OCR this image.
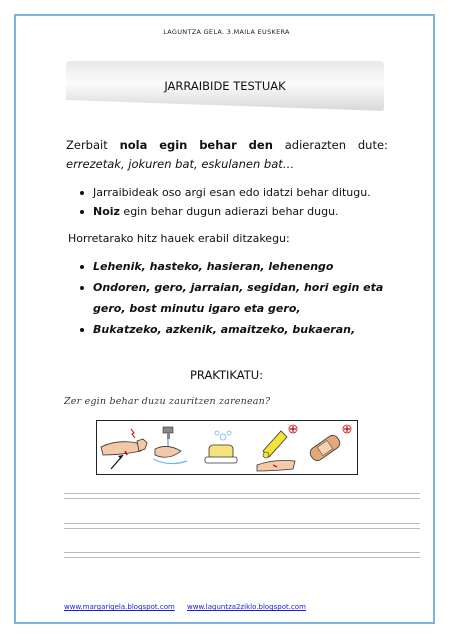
LAGUNTZA GELA. 3.MAILA EUSKERA
JARRAIBIDE TESTUAK
Zerbait nola egin behar den adierazten dute:
errezetak, jokuren bat, eskulanen bat…
Jarraibideak oso argi esan edo idatzi behar ditugu.
Noiz egin behar dugun adierazi behar dugu.
Horretarako hitz hauek erabil ditzakegu:
Lehenik, hasteko, hasieran, lehenengo
Ondoren, gero, jarraian, segidan, hori egin eta gero, bost minutu igaro eta gero,
Bukatzeko, azkenik, amaitzeko, bukaeran,
PRAKTIKATU:
Zer egin behar duzu zauritzen zarenean?
www.margarigela.blogspot.com www.laguntza2ziklo.blogspot.com
